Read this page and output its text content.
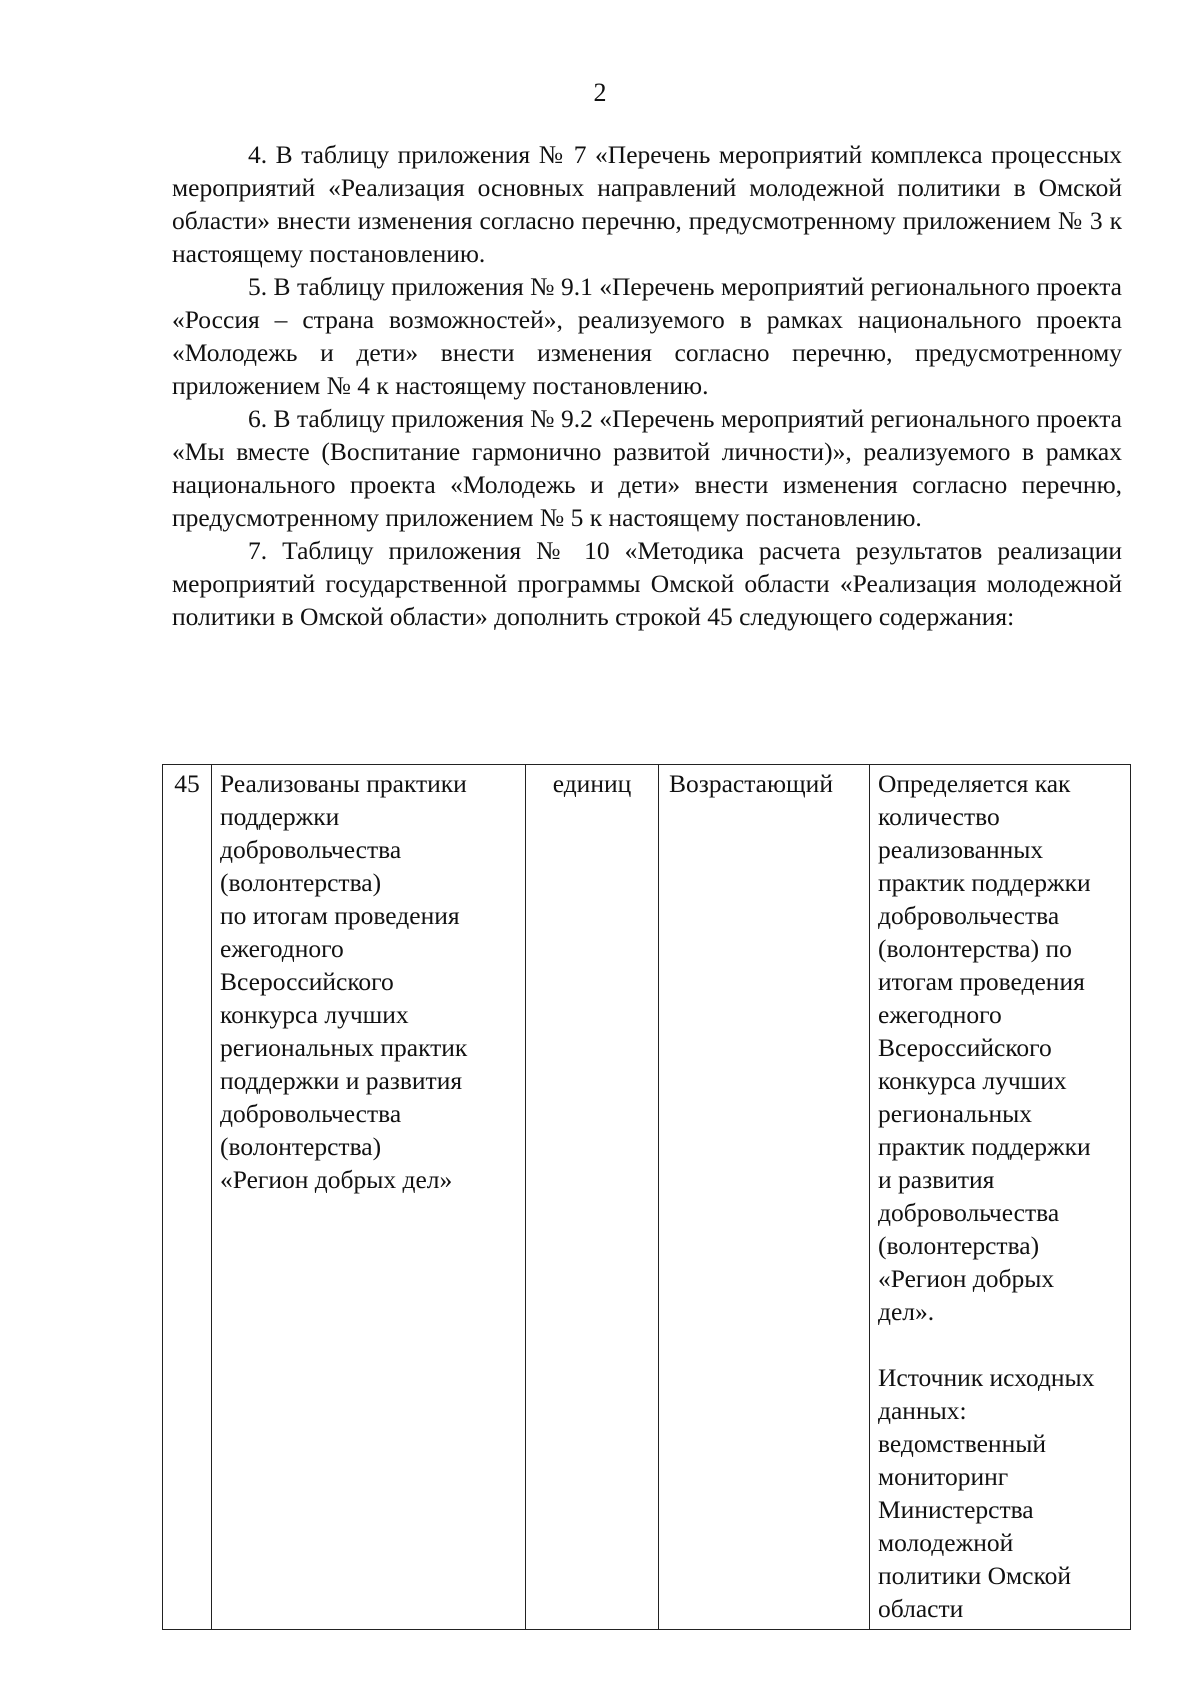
2

4. В таблицу приложения № 7 «Перечень мероприятий комплекса процессных мероприятий «Реализация основных направлений молодежной политики в Омской области» внести изменения согласно перечню, предусмотренному приложением № 3 к настоящему постановлению.

5. В таблицу приложения № 9.1 «Перечень мероприятий регионального проекта «Россия – страна возможностей», реализуемого в рамках национального проекта «Молодежь и дети» внести изменения согласно перечню, предусмотренному приложением № 4 к настоящему постановлению.

6. В таблицу приложения № 9.2 «Перечень мероприятий регионального проекта «Мы вместе (Воспитание гармонично развитой личности)», реализуемого в рамках национального проекта «Молодежь и дети» внести изменения согласно перечню, предусмотренному приложением № 5 к настоящему постановлению.

7. Таблицу приложения № 10 «Методика расчета результатов реализации мероприятий государственной программы Омской области «Реализация молодежной политики в Омской области» дополнить строкой 45 следующего содержания:

45	Реализованы практики
поддержки
добровольчества
(волонтерства)
по итогам проведения
ежегодного
Всероссийского
конкурса лучших
региональных практик
поддержки и развития
добровольчества
(волонтерства)
«Регион добрых дел»
	единиц	Возрастающий	Определяется как
количество
реализованных
практик поддержки
добровольчества
(волонтерства) по
итогам проведения
ежегодного
Всероссийского
конкурса лучших
региональных
практик поддержки
и развития
добровольчества
(волонтерства)
«Регион добрых
дел».
Источник исходных
данных:
ведомственный
мониторинг
Министерства
молодежной
политики Омской
области
